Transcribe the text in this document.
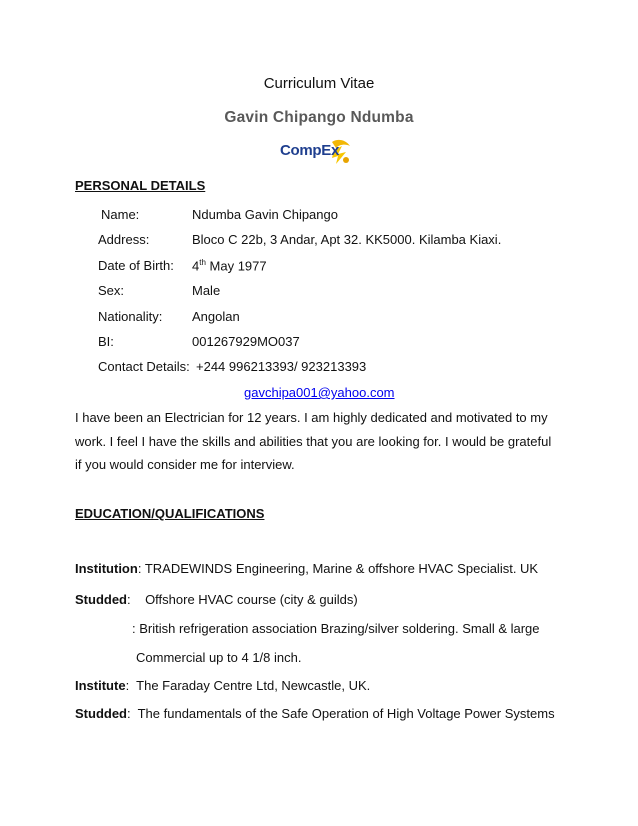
Curriculum Vitae
Gavin Chipango Ndumba
CompEx
PERSONAL DETAILS
Name:	Ndumba Gavin Chipango
Address:	Bloco C 22b, 3 Andar, Apt 32. KK5000. Kilamba Kiaxi.
Date of Birth: 4th May 1977
Sex:	Male
Nationality: Angolan
BI:	001267929MO037
Contact Details: +244 996213393/ 923213393
gavchipa001@yahoo.com
I have been an Electrician for 12 years. I am highly dedicated and motivated to my work. I feel I have the skills and abilities that you are looking for. I would be grateful if you would consider me for interview.
EDUCATION/QUALIFICATIONS
Institution: TRADEWINDS Engineering, Marine & offshore HVAC Specialist. UK
Studded:    Offshore HVAC course (city & guilds)
: British refrigeration association Brazing/silver soldering. Small & large
Commercial up to 4 1/8 inch.
Institute:  The Faraday Centre Ltd, Newcastle, UK.
Studded:  The fundamentals of the Safe Operation of High Voltage Power Systems
